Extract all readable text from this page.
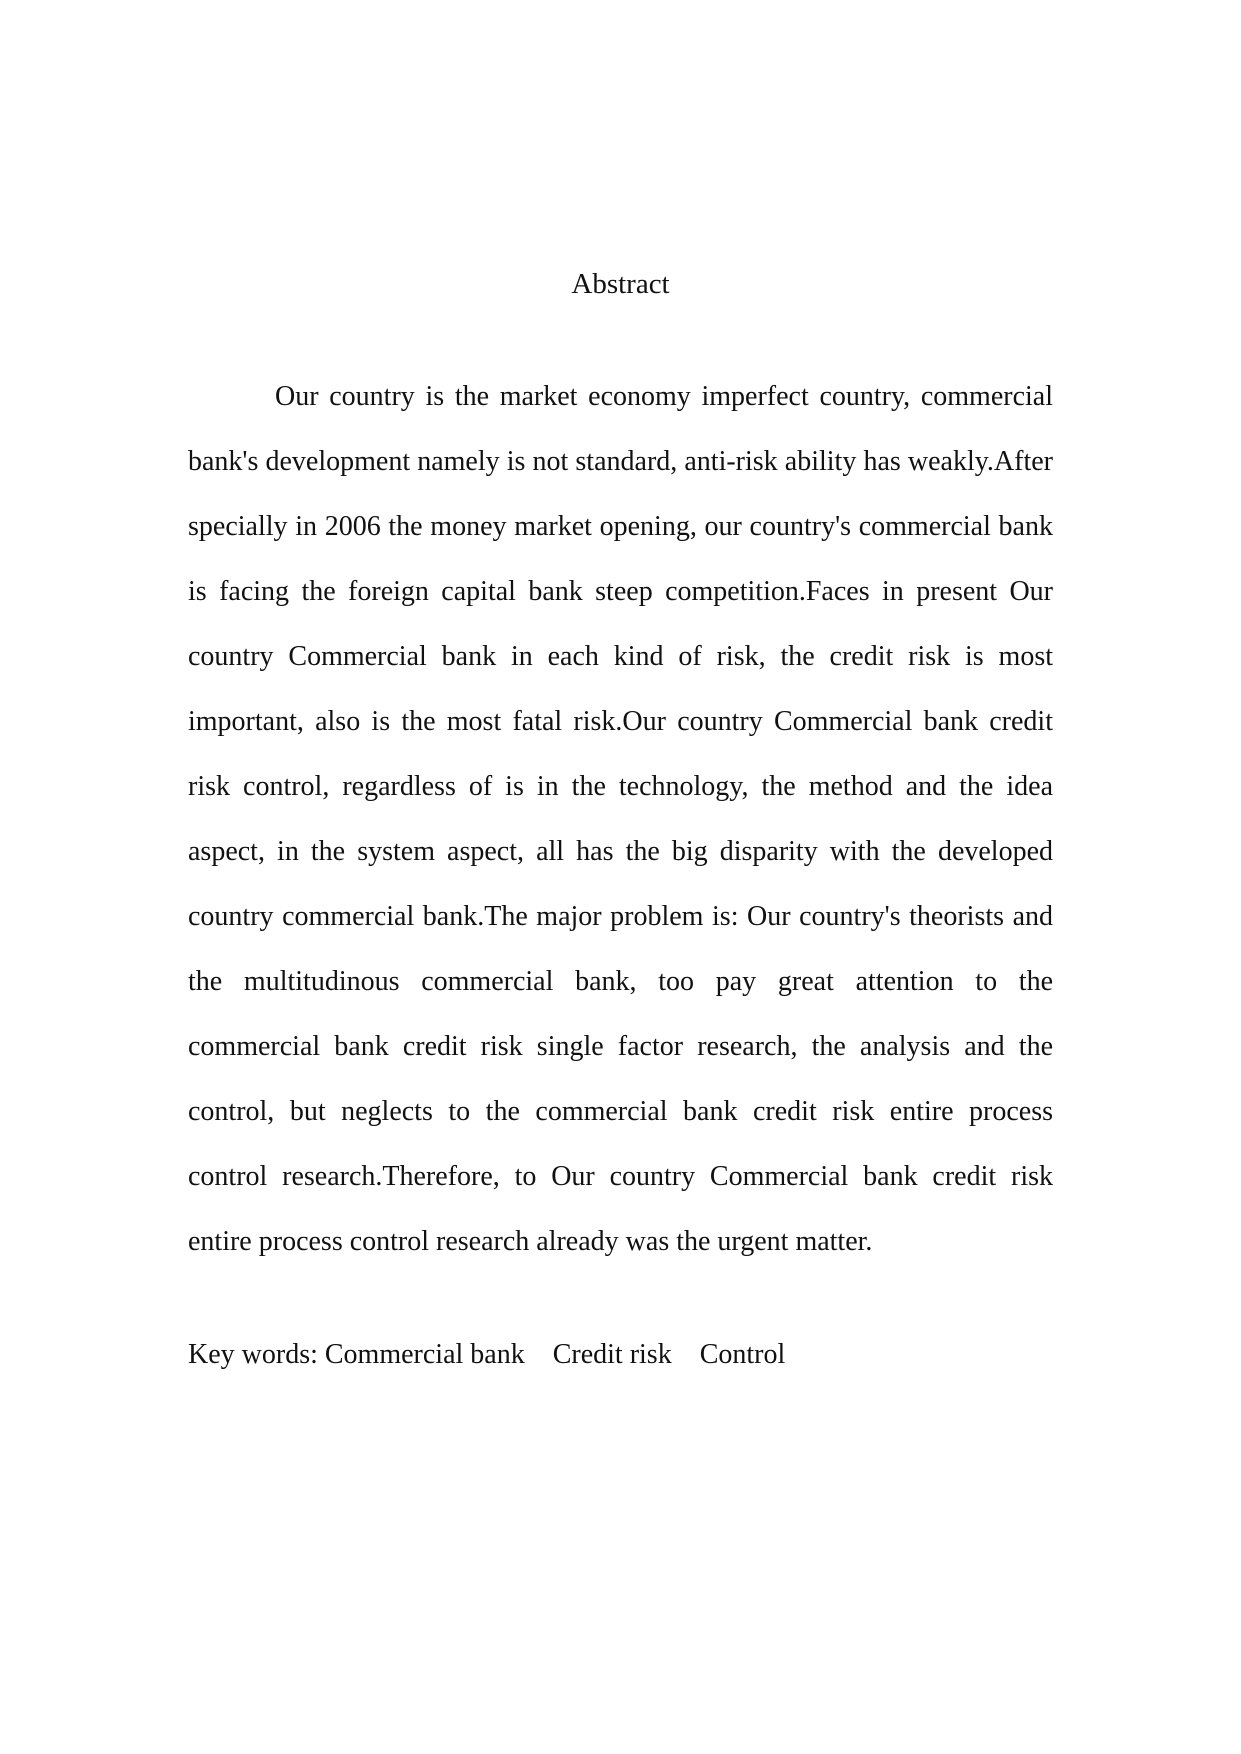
Abstract

Our country is the market economy imperfect country, commercial bank's development namely is not standard, anti-risk ability has weakly.After specially in 2006 the money market opening, our country's commercial bank is facing the foreign capital bank steep competition.Faces in present Our country Commercial bank in each kind of risk, the credit risk is most important, also is the most fatal risk.Our country Commercial bank credit risk control, regardless of is in the technology, the method and the idea aspect, in the system aspect, all has the big disparity with the developed country commercial bank.The major problem is: Our country's theorists and the multitudinous commercial bank, too pay great attention to the commercial bank credit risk single factor research, the analysis and the control, but neglects to the commercial bank credit risk entire process control research.Therefore, to Our country Commercial bank credit risk entire process control research already was the urgent matter.

Key words: Commercial bank Credit risk Control
